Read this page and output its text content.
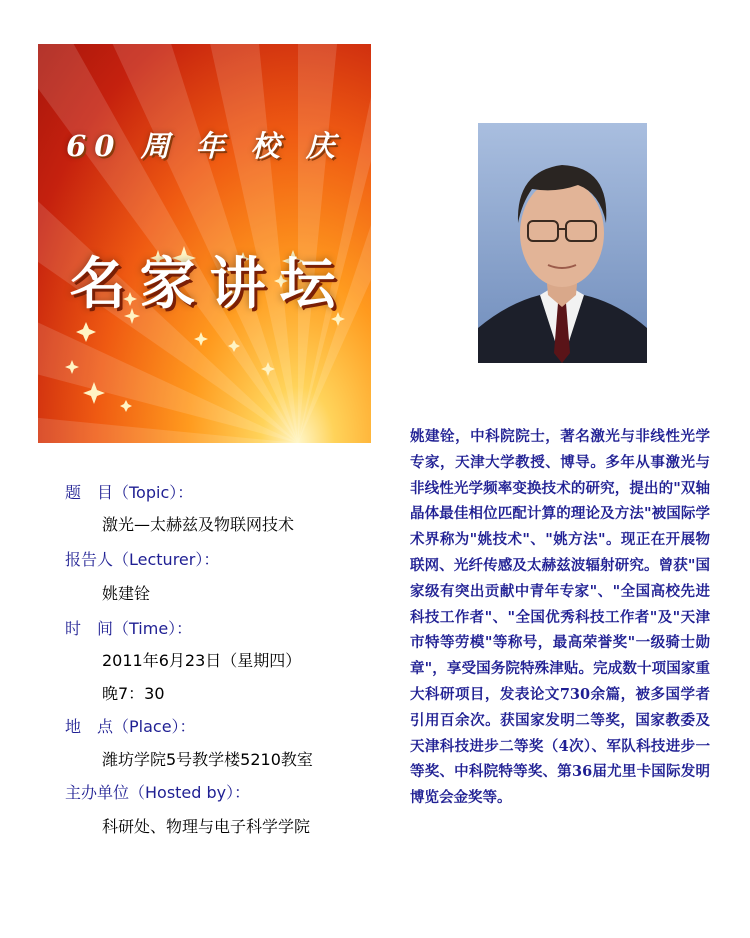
60 周 年 校 庆
名家讲坛
题　目（Topic）：
激光—太赫兹及物联网技术
报告人（Lecturer）：
姚建铨
时　间（Time）：
2011年6月23日（星期四）
晚7：30
地　点（Place）：
潍坊学院5号教学楼5210教室
主办单位（Hosted by）：
科研处、物理与电子科学学院
姚建铨，中科院院士，著名激光与非线性光学专家，天津大学教授、博导。多年从事激光与非线性光学频率变换技术的研究，提出的"双轴晶体最佳相位匹配计算的理论及方法"被国际学术界称为"姚技术"、"姚方法"。现正在开展物联网、光纤传感及太赫兹波辐射研究。曾获"国家级有突出贡献中青年专家"、"全国高校先进科技工作者"、"全国优秀科技工作者"及"天津市特等劳模"等称号，最高荣誉奖"一级骑士勋章"，享受国务院特殊津贴。完成数十项国家重大科研项目，发表论文730余篇，被多国学者引用百余次。获国家发明二等奖，国家教委及天津科技进步二等奖（4次）、军队科技进步一等奖、中科院特等奖、第36届尤里卡国际发明博览会金奖等。
